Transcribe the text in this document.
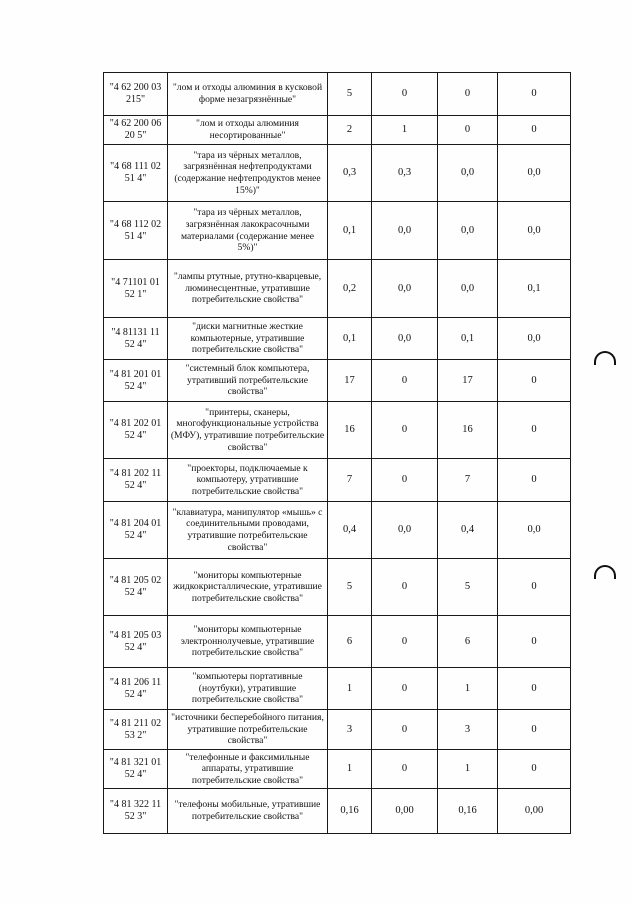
"4 62 200 03 215"	"лом и отходы алюминия в кусковой форме незагрязнённые"	5	0	0	0
"4 62 200 06 20 5"	"лом и отходы алюминия несортированные"	2	1	0	0
"4 68 111 02 51 4"	"тара из чёрных металлов, загрязнённая нефтепродуктами (содержание нефтепродуктов менее 15%)"	0,3	0,3	0,0	0,0
"4 68 112 02 51 4"	"тара из чёрных металлов, загрязнённая лакокрасочными материалами (содержание менее 5%)"	0,1	0,0	0,0	0,0
"4 71101 01 52 1"	"лампы ртутные, ртутно-кварцевые, люминесцентные, утратившие потребительские свойства"	0,2	0,0	0,0	0,1
"4 81131 11 52 4"	"диски магнитные жесткие компьютерные, утратившие потребительские свойства"	0,1	0,0	0,1	0,0
"4 81 201 01 52 4"	"системный блок компьютера, утративший потребительские свойства"	17	0	17	0
"4 81 202 01 52 4"	"принтеры, сканеры, многофункциональные устройства (МФУ), утратившие потребительские свойства"	16	0	16	0
"4 81 202 11 52 4"	"проекторы, подключаемые к компьютеру, утратившие потребительские свойства"	7	0	7	0
"4 81 204 01 52 4"	"клавиатура, манипулятор «мышь» с соединительными проводами, утратившие потребительские свойства"	0,4	0,0	0,4	0,0
"4 81 205 02 52 4"	"мониторы компьютерные жидкокристаллические, утратившие потребительские свойства"	5	0	5	0
"4 81 205 03 52 4"	"мониторы компьютерные электроннолучевые, утратившие потребительские свойства"	6	0	6	0
"4 81 206 11 52 4"	"компьютеры портативные (ноутбуки), утратившие потребительские свойства"	1	0	1	0
"4 81 211 02 53 2"	"источники бесперебойного питания, утратившие потребительские свойства"	3	0	3	0
"4 81 321 01 52 4"	"телефонные и факсимильные аппараты, утратившие потребительские свойства"	1	0	1	0
"4 81 322 11 52 3"	"телефоны мобильные, утратившие потребительские свойства"	0,16	0,00	0,16	0,00
